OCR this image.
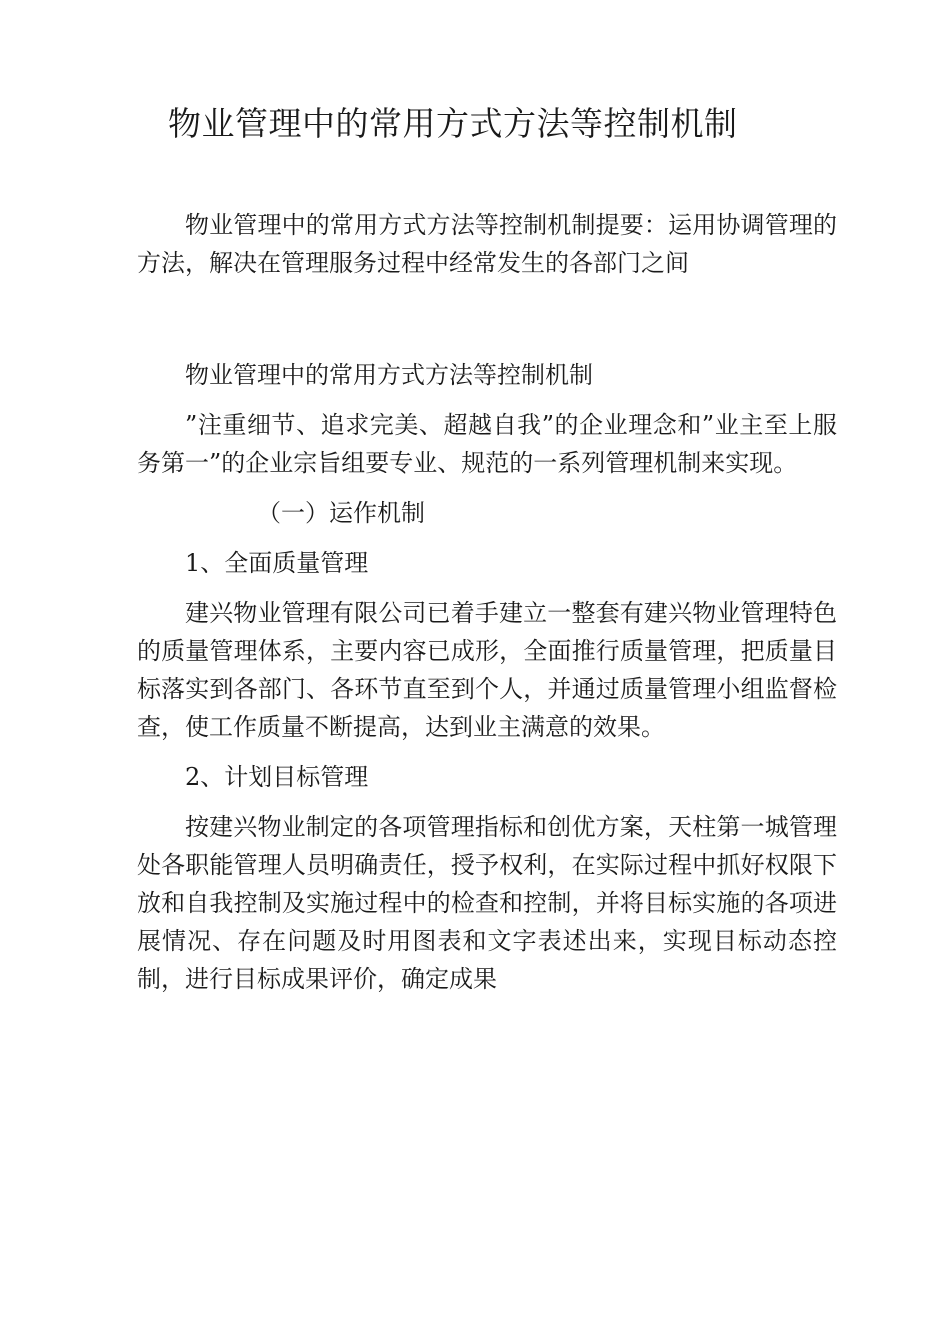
物业管理中的常用方式方法等控制机制

物业管理中的常用方式方法等控制机制提要：运用协调管理的方法，解决在管理服务过程中经常发生的各部门之间

物业管理中的常用方式方法等控制机制

”注重细节、追求完美、超越自我”的企业理念和”业主至上服务第一”的企业宗旨组要专业、规范的一系列管理机制来实现。

（一）运作机制

1、全面质量管理

建兴物业管理有限公司已着手建立一整套有建兴物业管理特色的质量管理体系，主要内容已成形，全面推行质量管理，把质量目标落实到各部门、各环节直至到个人，并通过质量管理小组监督检查，使工作质量不断提高，达到业主满意的效果。

2、计划目标管理

按建兴物业制定的各项管理指标和创优方案，天柱第一城管理处各职能管理人员明确责任，授予权利，在实际过程中抓好权限下放和自我控制及实施过程中的检查和控制，并将目标实施的各项进展情况、存在问题及时用图表和文字表述出来，实现目标动态控制，进行目标成果评价，确定成果
